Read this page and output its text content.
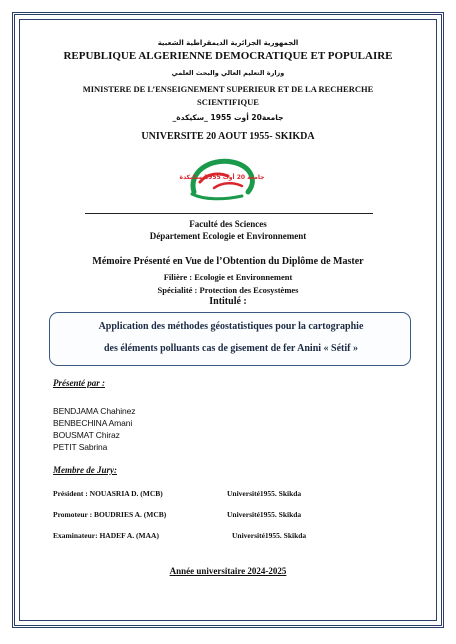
الجمهورية الجزائرية الديمقراطية الشعبية
REPUBLIQUE ALGERIENNE DEMOCRATIQUE ET POPULAIRE
وزارة التعليم العالي والبحث العلمي
MINISTERE DE L’ENSEIGNEMENT SUPERIEUR ET DE LA RECHERCHE
SCIENTIFIQUE
جامعة20 أوت 1955 _سكيكدة_
UNIVERSITE 20 AOUT 1955- SKIKDA
جامعة 20 أوت 1955 سكيكدة
Faculté des Sciences
Département Ecologie et Environnement
Mémoire Présenté en Vue de l’Obtention du Diplôme de Master
Filière : Ecologie et Environnement
Spécialité : Protection des Ecosystèmes
Intitulé :
Application des méthodes géostatistiques pour la cartographie
des éléments polluants cas de gisement de fer Anini « Sétif »
Présenté par :
BENDJAMA Chahinez
BENBECHINA Amani
BOUSMAT Chiraz
PETIT Sabrina
Membre de Jury:
Président : NOUASRIA D. (MCB)	Université1955. Skikda
Promoteur : BOUDRIES A. (MCB)	Université1955. Skikda
Examinateur: HADEF A. (MAA)	Université1955. Skikda
Année universitaire 2024-2025
